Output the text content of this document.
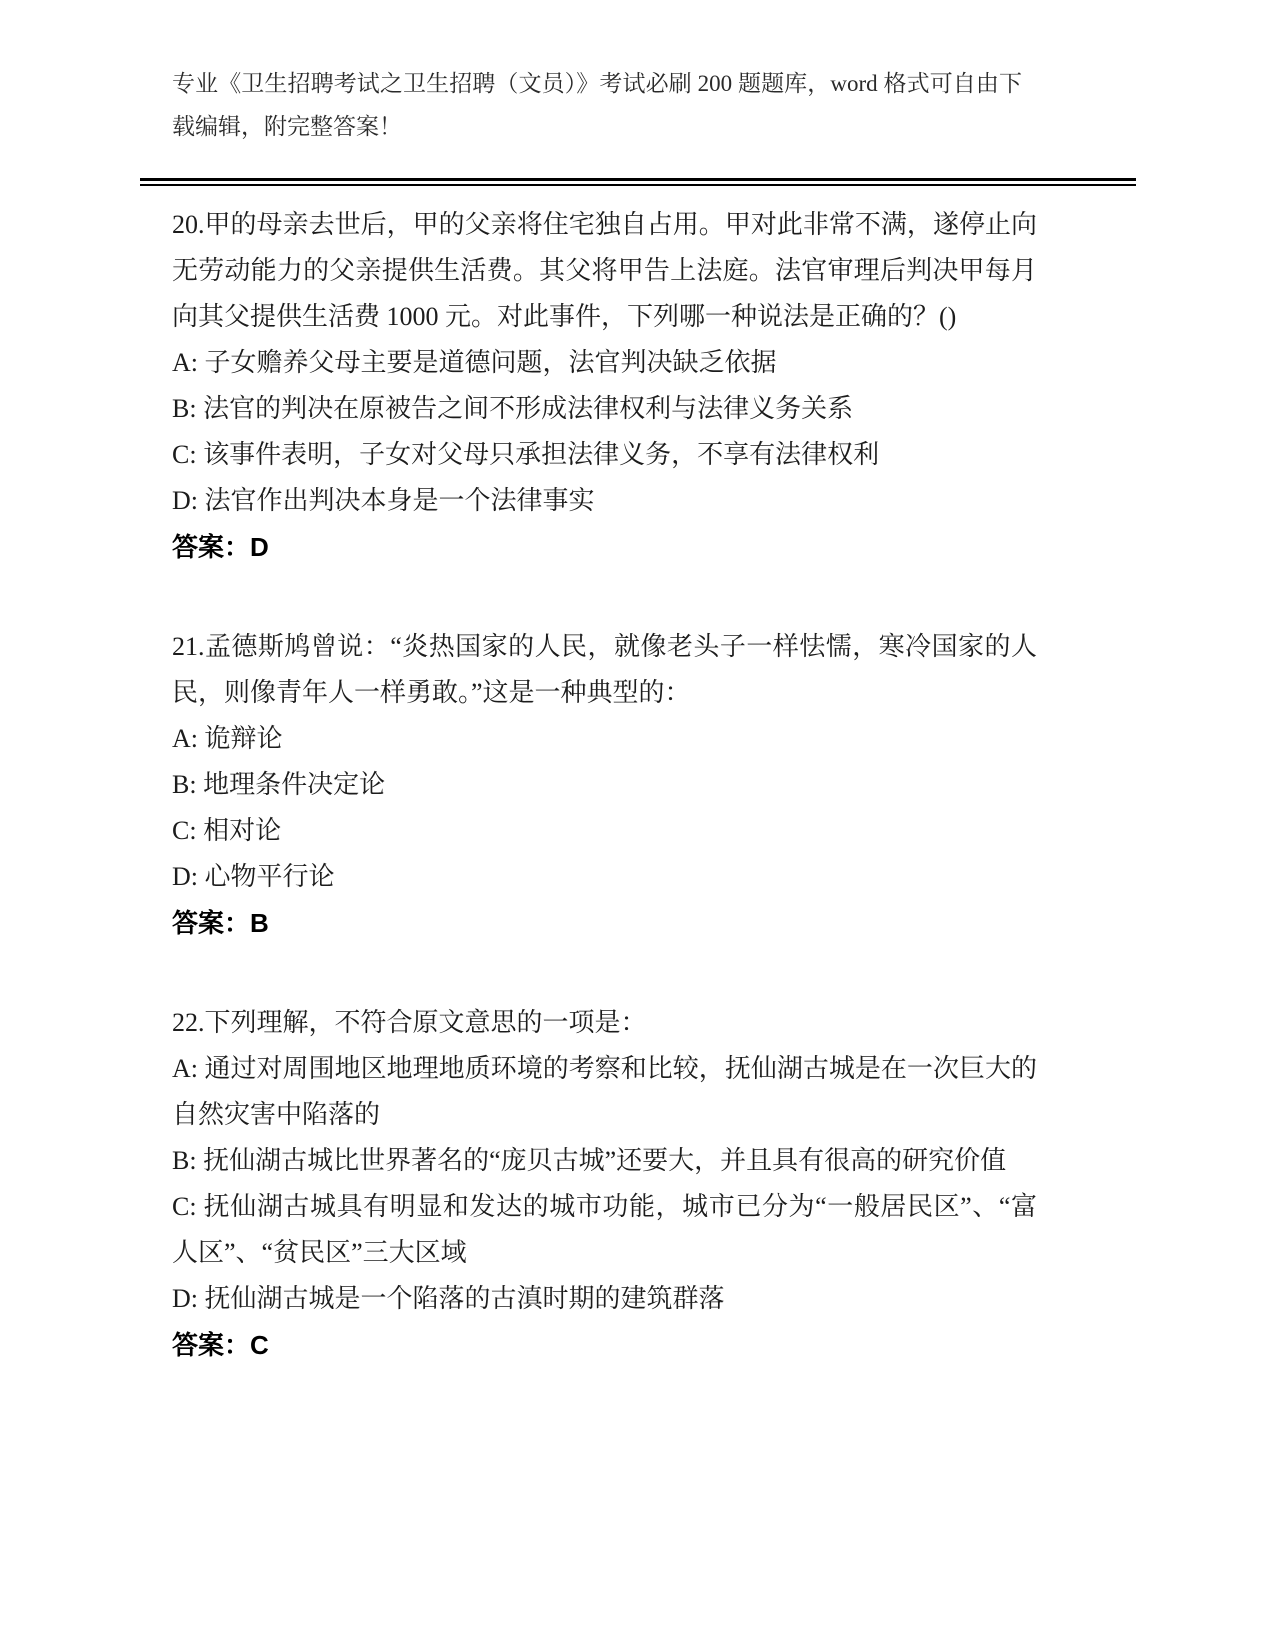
专业《卫生招聘考试之卫生招聘（文员）》考试必刷 200 题题库，word 格式可自由下载编辑，附完整答案！

20.甲的母亲去世后，甲的父亲将住宅独自占用。甲对此非常不满，遂停止向无劳动能力的父亲提供生活费。其父将甲告上法庭。法官审理后判决甲每月向其父提供生活费 1000 元。对此事件，下列哪一种说法是正确的？()

A: 子女赡养父母主要是道德问题，法官判决缺乏依据

B: 法官的判决在原被告之间不形成法律权利与法律义务关系

C: 该事件表明，子女对父母只承担法律义务，不享有法律权利

D: 法官作出判决本身是一个法律事实

答案：D

21.孟德斯鸠曾说：“炎热国家的人民，就像老头子一样怯懦，寒冷国家的人民，则像青年人一样勇敢。”这是一种典型的：

A: 诡辩论

B: 地理条件决定论

C: 相对论

D: 心物平行论

答案：B

22.下列理解，不符合原文意思的一项是：

A: 通过对周围地区地理地质环境的考察和比较，抚仙湖古城是在一次巨大的自然灾害中陷落的

B: 抚仙湖古城比世界著名的“庞贝古城”还要大，并且具有很高的研究价值

C: 抚仙湖古城具有明显和发达的城市功能，城市已分为“一般居民区”、“富人区”、“贫民区”三大区域

D: 抚仙湖古城是一个陷落的古滇时期的建筑群落

答案：C
